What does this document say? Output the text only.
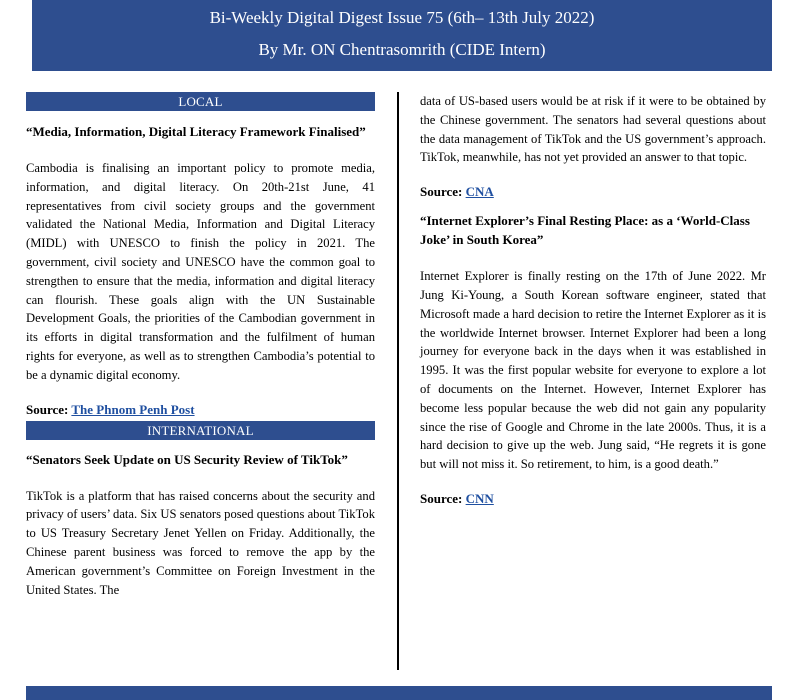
Bi-Weekly Digital Digest Issue 75 (6th– 13th July 2022)
By Mr. ON Chentrasomrith (CIDE Intern)
LOCAL
“Media, Information, Digital Literacy Framework Finalised”
Cambodia is finalising an important policy to promote media, information, and digital literacy. On 20th-21st June, 41 representatives from civil society groups and the government validated the National Media, Information and Digital Literacy (MIDL) with UNESCO to finish the policy in 2021. The government, civil society and UNESCO have the common goal to strengthen to ensure that the media, information and digital literacy can flourish. These goals align with the UN Sustainable Development Goals, the priorities of the Cambodian government in its efforts in digital transformation and the fulfilment of human rights for everyone, as well as to strengthen Cambodia’s potential to be a dynamic digital economy.
Source: The Phnom Penh Post
INTERNATIONAL
“Senators Seek Update on US Security Review of TikTok”
TikTok is a platform that has raised concerns about the security and privacy of users’ data. Six US senators posed questions about TikTok to US Treasury Secretary Jenet Yellen on Friday. Additionally, the Chinese parent business was forced to remove the app by the American government’s Committee on Foreign Investment in the United States. The
data of US-based users would be at risk if it were to be obtained by the Chinese government. The senators had several questions about the data management of TikTok and the US government’s approach. TikTok, meanwhile, has not yet provided an answer to that topic.
Source: CNA
“Internet Explorer’s Final Resting Place: as a ‘World-Class Joke’ in South Korea”
Internet Explorer is finally resting on the 17th of June 2022. Mr Jung Ki-Young, a South Korean software engineer, stated that Microsoft made a hard decision to retire the Internet Explorer as it is the worldwide Internet browser. Internet Explorer had been a long journey for everyone back in the days when it was established in 1995. It was the first popular website for everyone to explore a lot of documents on the Internet. However, Internet Explorer has become less popular because the web did not gain any popularity since the rise of Google and Chrome in the late 2000s. Thus, it is a hard decision to give up the web. Jung said, “He regrets it is gone but will not miss it. So retirement, to him, is a good death.”
Source: CNN
